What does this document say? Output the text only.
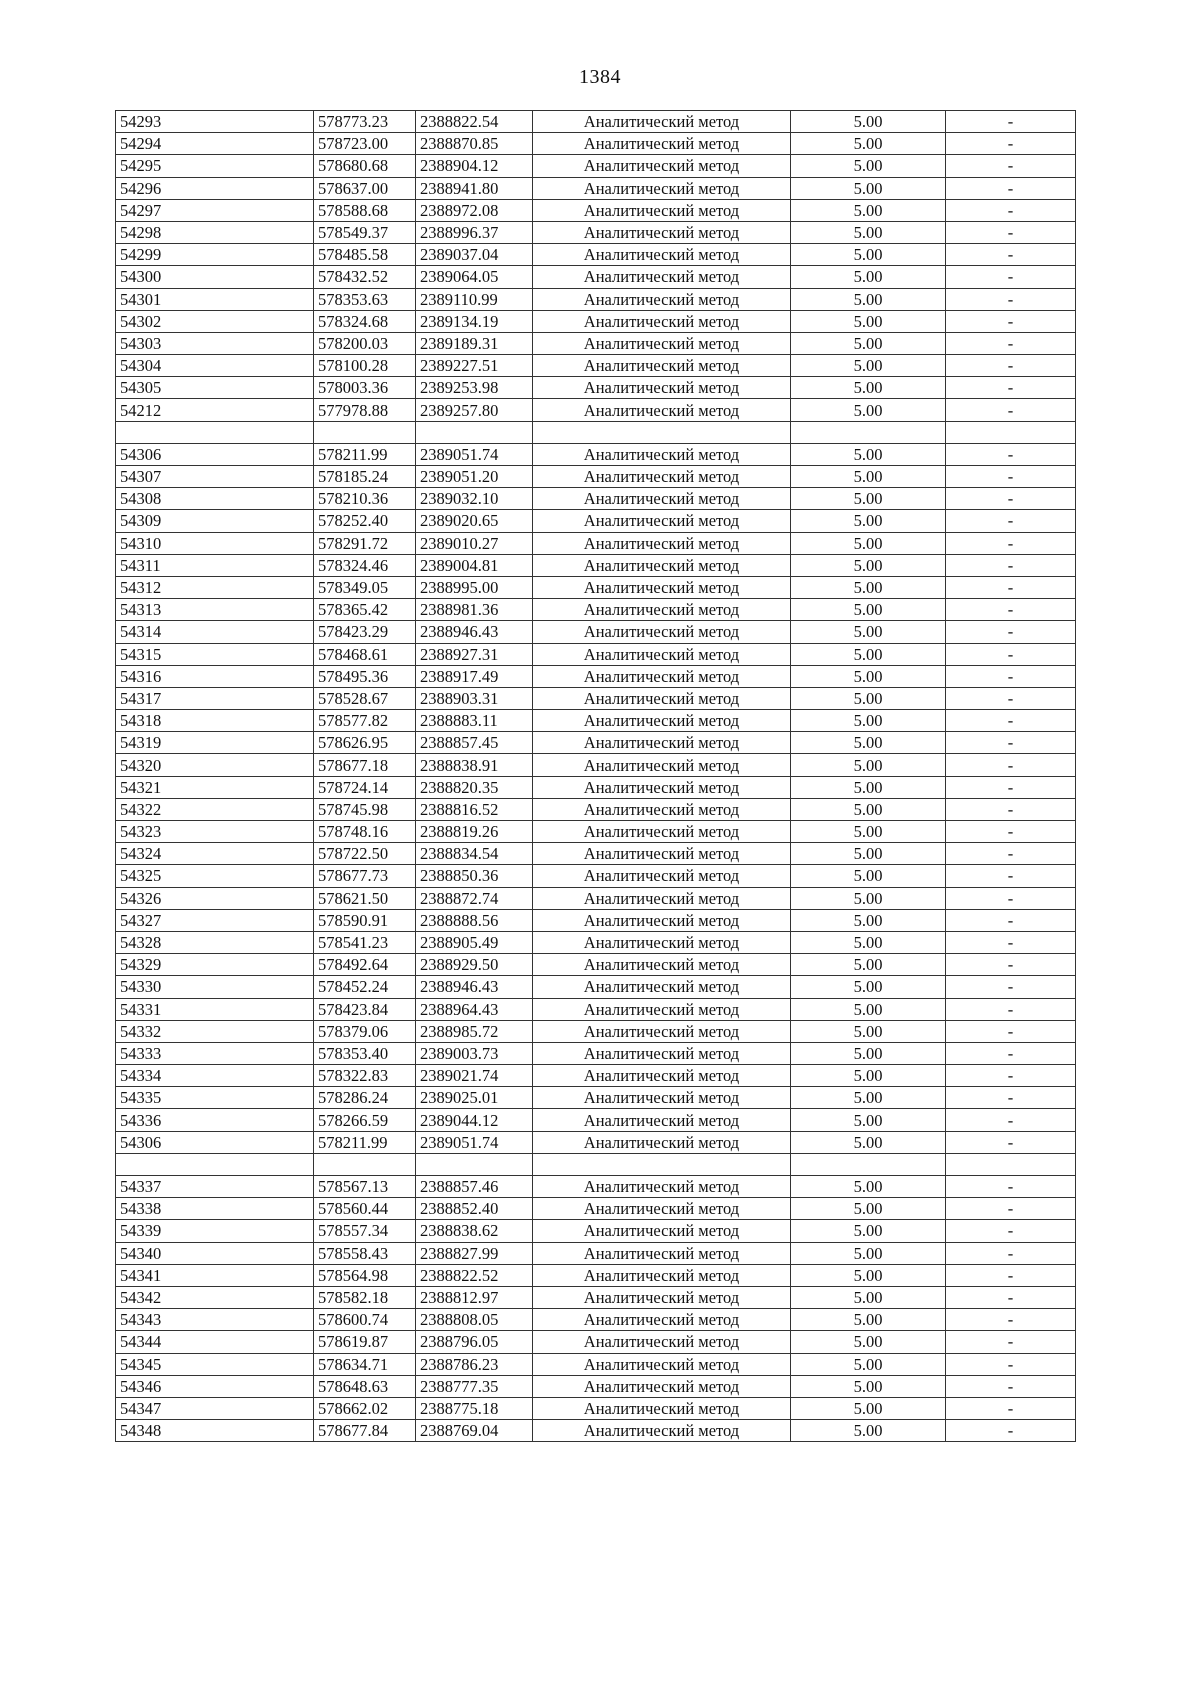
1384
54293	578773.23	2388822.54	Аналитический метод	5.00	-
54294	578723.00	2388870.85	Аналитический метод	5.00	-
54295	578680.68	2388904.12	Аналитический метод	5.00	-
54296	578637.00	2388941.80	Аналитический метод	5.00	-
54297	578588.68	2388972.08	Аналитический метод	5.00	-
54298	578549.37	2388996.37	Аналитический метод	5.00	-
54299	578485.58	2389037.04	Аналитический метод	5.00	-
54300	578432.52	2389064.05	Аналитический метод	5.00	-
54301	578353.63	2389110.99	Аналитический метод	5.00	-
54302	578324.68	2389134.19	Аналитический метод	5.00	-
54303	578200.03	2389189.31	Аналитический метод	5.00	-
54304	578100.28	2389227.51	Аналитический метод	5.00	-
54305	578003.36	2389253.98	Аналитический метод	5.00	-
54212	577978.88	2389257.80	Аналитический метод	5.00	-

54306	578211.99	2389051.74	Аналитический метод	5.00	-
54307	578185.24	2389051.20	Аналитический метод	5.00	-
54308	578210.36	2389032.10	Аналитический метод	5.00	-
54309	578252.40	2389020.65	Аналитический метод	5.00	-
54310	578291.72	2389010.27	Аналитический метод	5.00	-
54311	578324.46	2389004.81	Аналитический метод	5.00	-
54312	578349.05	2388995.00	Аналитический метод	5.00	-
54313	578365.42	2388981.36	Аналитический метод	5.00	-
54314	578423.29	2388946.43	Аналитический метод	5.00	-
54315	578468.61	2388927.31	Аналитический метод	5.00	-
54316	578495.36	2388917.49	Аналитический метод	5.00	-
54317	578528.67	2388903.31	Аналитический метод	5.00	-
54318	578577.82	2388883.11	Аналитический метод	5.00	-
54319	578626.95	2388857.45	Аналитический метод	5.00	-
54320	578677.18	2388838.91	Аналитический метод	5.00	-
54321	578724.14	2388820.35	Аналитический метод	5.00	-
54322	578745.98	2388816.52	Аналитический метод	5.00	-
54323	578748.16	2388819.26	Аналитический метод	5.00	-
54324	578722.50	2388834.54	Аналитический метод	5.00	-
54325	578677.73	2388850.36	Аналитический метод	5.00	-
54326	578621.50	2388872.74	Аналитический метод	5.00	-
54327	578590.91	2388888.56	Аналитический метод	5.00	-
54328	578541.23	2388905.49	Аналитический метод	5.00	-
54329	578492.64	2388929.50	Аналитический метод	5.00	-
54330	578452.24	2388946.43	Аналитический метод	5.00	-
54331	578423.84	2388964.43	Аналитический метод	5.00	-
54332	578379.06	2388985.72	Аналитический метод	5.00	-
54333	578353.40	2389003.73	Аналитический метод	5.00	-
54334	578322.83	2389021.74	Аналитический метод	5.00	-
54335	578286.24	2389025.01	Аналитический метод	5.00	-
54336	578266.59	2389044.12	Аналитический метод	5.00	-
54306	578211.99	2389051.74	Аналитический метод	5.00	-

54337	578567.13	2388857.46	Аналитический метод	5.00	-
54338	578560.44	2388852.40	Аналитический метод	5.00	-
54339	578557.34	2388838.62	Аналитический метод	5.00	-
54340	578558.43	2388827.99	Аналитический метод	5.00	-
54341	578564.98	2388822.52	Аналитический метод	5.00	-
54342	578582.18	2388812.97	Аналитический метод	5.00	-
54343	578600.74	2388808.05	Аналитический метод	5.00	-
54344	578619.87	2388796.05	Аналитический метод	5.00	-
54345	578634.71	2388786.23	Аналитический метод	5.00	-
54346	578648.63	2388777.35	Аналитический метод	5.00	-
54347	578662.02	2388775.18	Аналитический метод	5.00	-
54348	578677.84	2388769.04	Аналитический метод	5.00	-
